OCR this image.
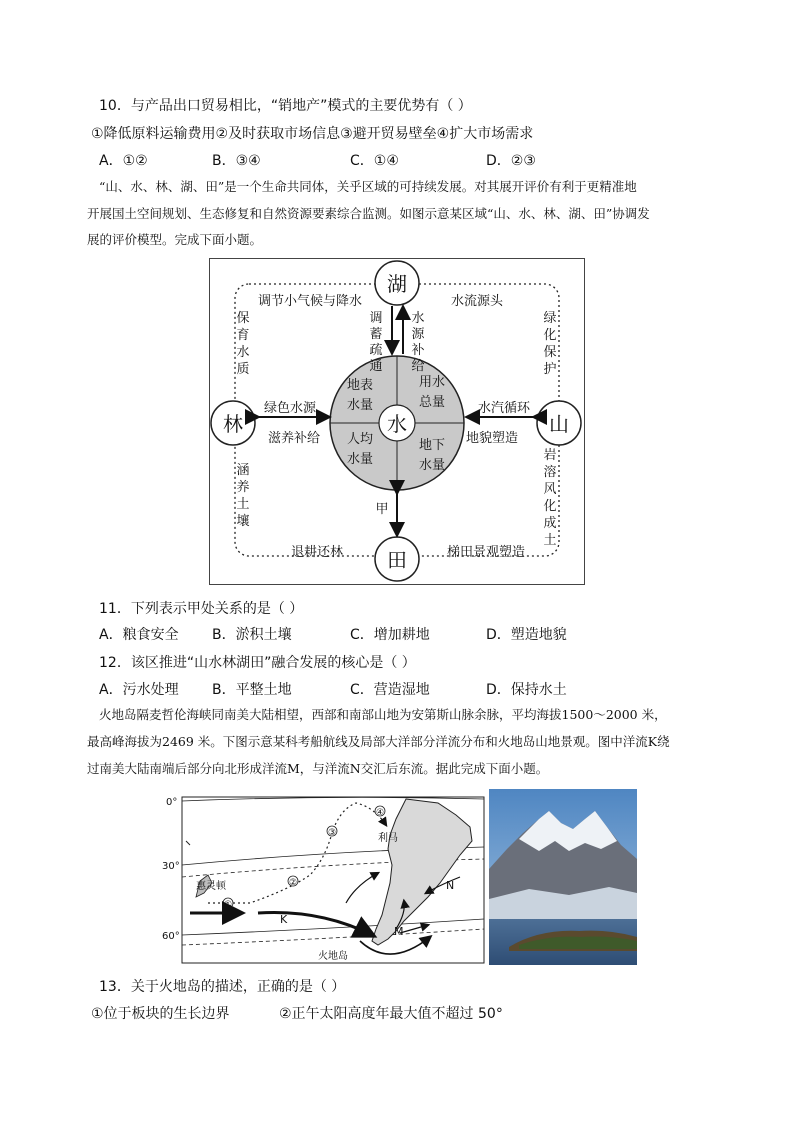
10．与产品出口贸易相比，“销地产”模式的主要优势有（ ）
①降低原料运输费用②及时获取市场信息③避开贸易壁垒④扩大市场需求
A．①②	B．③④	C．①④	D．②③
“山、水、林、湖、田”是一个生命共同体，关乎区域的可持续发展。对其展开评价有利于更精准地
开展国土空间规划、生态修复和自然资源要素综合监测。如图示意某区域“山、水、林、湖、田”协调发
展的评价模型。完成下面小题。
水
地表
水量
用水
总量
人均
水量
地下
水量
湖
田
林	山
调节小气候与降水	水流源头
退耕还林	梯田景观塑造
保
育
水
质
涵
养
土
壤
绿
化
保
护
岩
溶
风
化
成
土
调
蓄
疏
通
水
源
补
给
绿色水源
滋养补给
水汽循环
地貌塑造
甲
11．下列表示甲处关系的是（ ）
A．粮食安全 B．淤积土壤	C．增加耕地	D．塑造地貌
12．该区推进“山水林湖田”融合发展的核心是（ ）
A．污水处理 B．平整土地	C．营造湿地	D．保持水土
火地岛隔麦哲伦海峡同南美大陆相望，西部和南部山地为安第斯山脉余脉，平均海拔1500～2000 米，
最高峰海拔为2469 米。下图示意某科考船航线及局部大洋部分洋流分布和火地岛山地景观。图中洋流K绕
过南美大陆南端后部分向北形成洋流M，与洋流N交汇后东流。据此完成下面小题。
0°
30°
60°
①
②
③
④
K
M
N
惠灵顿
利马
火地岛
13．关于火地岛的描述，正确的是（ ）
①位于板块的生长边界	②正午太阳高度年最大值不超过 50°
